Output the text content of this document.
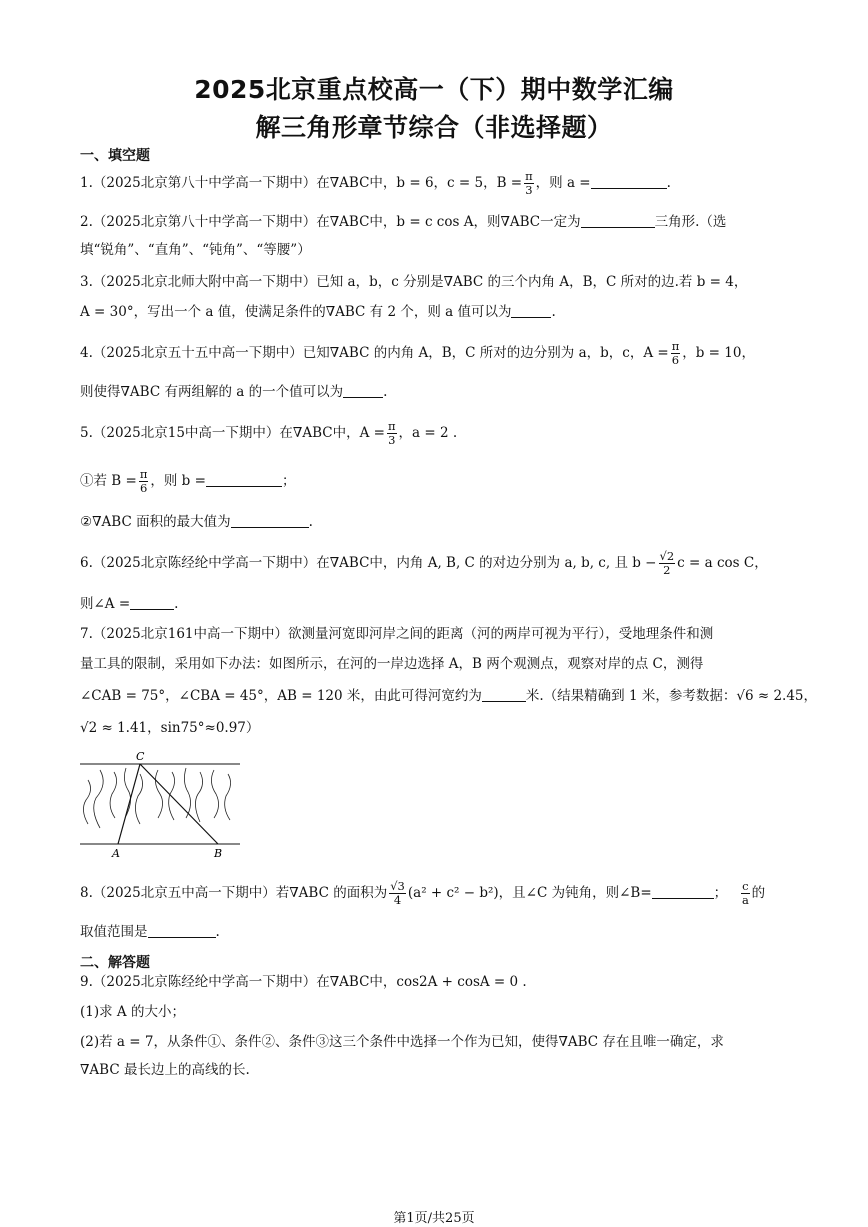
2025北京重点校高一（下）期中数学汇编
解三角形章节综合（非选择题）
一、填空题
1.（2025北京第八十中学高一下期中）在∇ABC中，b = 6，c = 5，$B = \frac{\pi}{3}$ ，则 a =	.
2.（2025北京第八十中学高一下期中）在∇ABC中，b = c cos A，则∇ABC一定为	三角形.（选
填“锐角”、“直角”、“钝角”、“等腰”）
3.（2025北京北师大附中高一下期中）已知 a，b，c 分别是∇ABC 的三个内角 A，B，C 所对的边.若 b = 4，
A = 30°，写出一个 a 值，使满足条件的∇ABC 有 2 个，则 a 值可以为	.
4.（2025北京五十五中高一下期中）已知∇ABC 的内角 A，B，C 所对的边分别为 a，b，c，$A = \frac{\pi}{6}$ ，b = 10，
则使得∇ABC 有两组解的 a 的一个值可以为	.
5.（2025北京15中高一下期中）在∇ABC中，$A = \frac{\pi}{3}$ ，a = 2 .
①若 $B = \frac{\pi}{6}$ ，则 b =	；
②∇ABC 面积的最大值为	.
6.（2025北京陈经纶中学高一下期中）在∇ABC中，内角 A, B, C 的对边分别为 a, b, c, 且 $b - \frac{√2}{2}$ c = a cos C，
则∠A =	.
7.（2025北京161中高一下期中）欲测量河宽即河岸之间的距离（河的两岸可视为平行），受地理条件和测
量工具的限制，采用如下办法：如图所示，在河的一岸边选择 A，B 两个观测点，观察对岸的点 C，测得
∠CAB = 75°，∠CBA = 45°，AB = 120 米，由此可得河宽约为	米.（结果精确到 1 米，参考数据：√6 ≈ 2.45，
√2 ≈ 1.41，sin75°≈0.97）
C
A	B
8.（2025北京五中高一下期中）若∇ABC 的面积为 $\frac{√3}{4} (a^2 + c^2 - b^2)$，且∠C 为钝角，则∠B=	； $\frac{c}{a}$ 的
取值范围是	.
二、解答题
9.（2025北京陈经纶中学高一下期中）在∇ABC中，cos2A + cosA = 0 .
(1)求 A 的大小；
(2)若 a = 7，从条件①、条件②、条件③这三个条件中选择一个作为已知，使得∇ABC 存在且唯一确定，求
∇ABC 最长边上的高线的长.
第1页/共25页
